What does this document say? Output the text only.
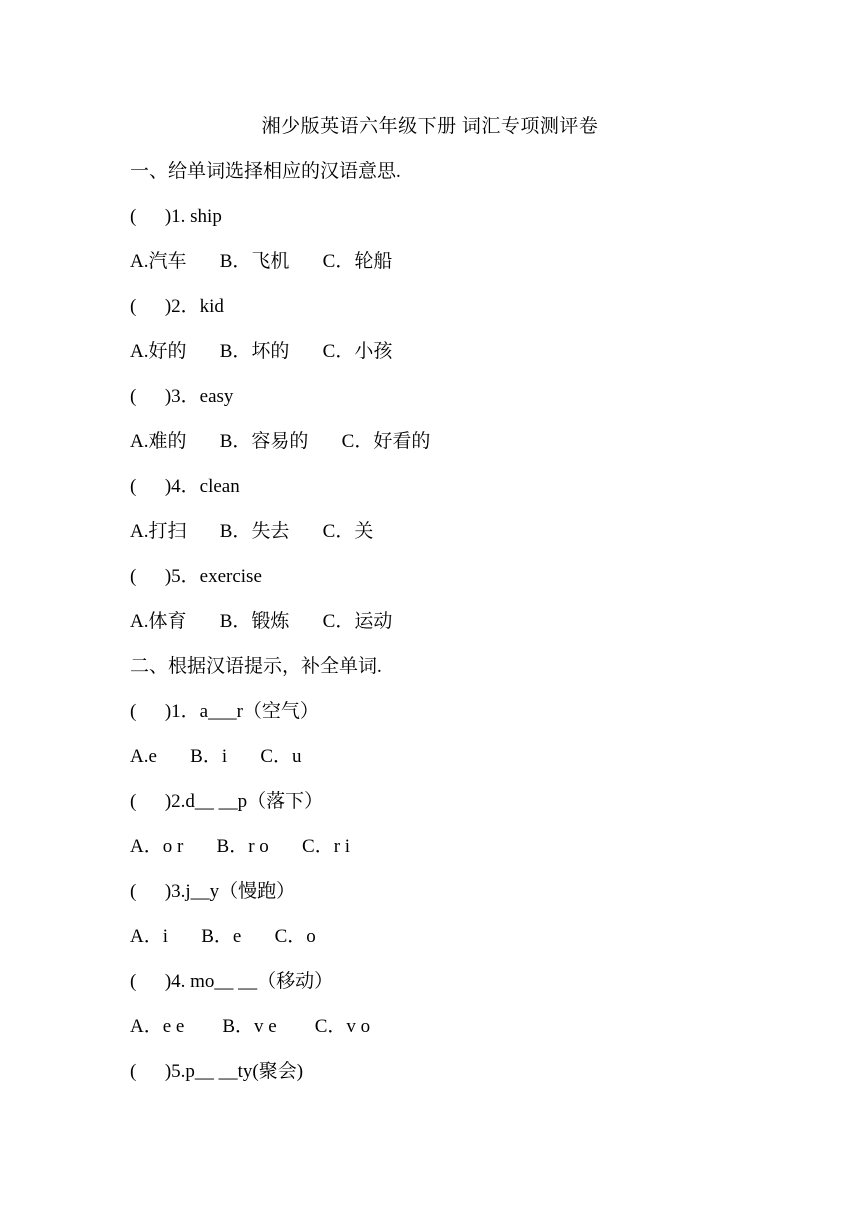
湘少版英语六年级下册 词汇专项测评卷
一、给单词选择相应的汉语意思.
(      )1. ship
A.汽车       B．飞机       C．轮船
(      )2．kid
A.好的       B．坏的       C．小孩
(      )3．easy
A.难的       B．容易的       C．好看的
(      )4．clean
A.打扫       B．失去       C．关
(      )5．exercise
A.体育       B．锻炼       C．运动
二、根据汉语提示，补全单词.
(      )1．a___r（空气）
A.e       B．i       C．u
(      )2.d__ __p（落下）
A．o r       B．r o       C．r i
(      )3.j__y（慢跑）
A．i       B．e       C．o
(      )4. mo__ __（移动）
A．e e        B．v e        C．v o
(      )5.p__ __ty(聚会)
